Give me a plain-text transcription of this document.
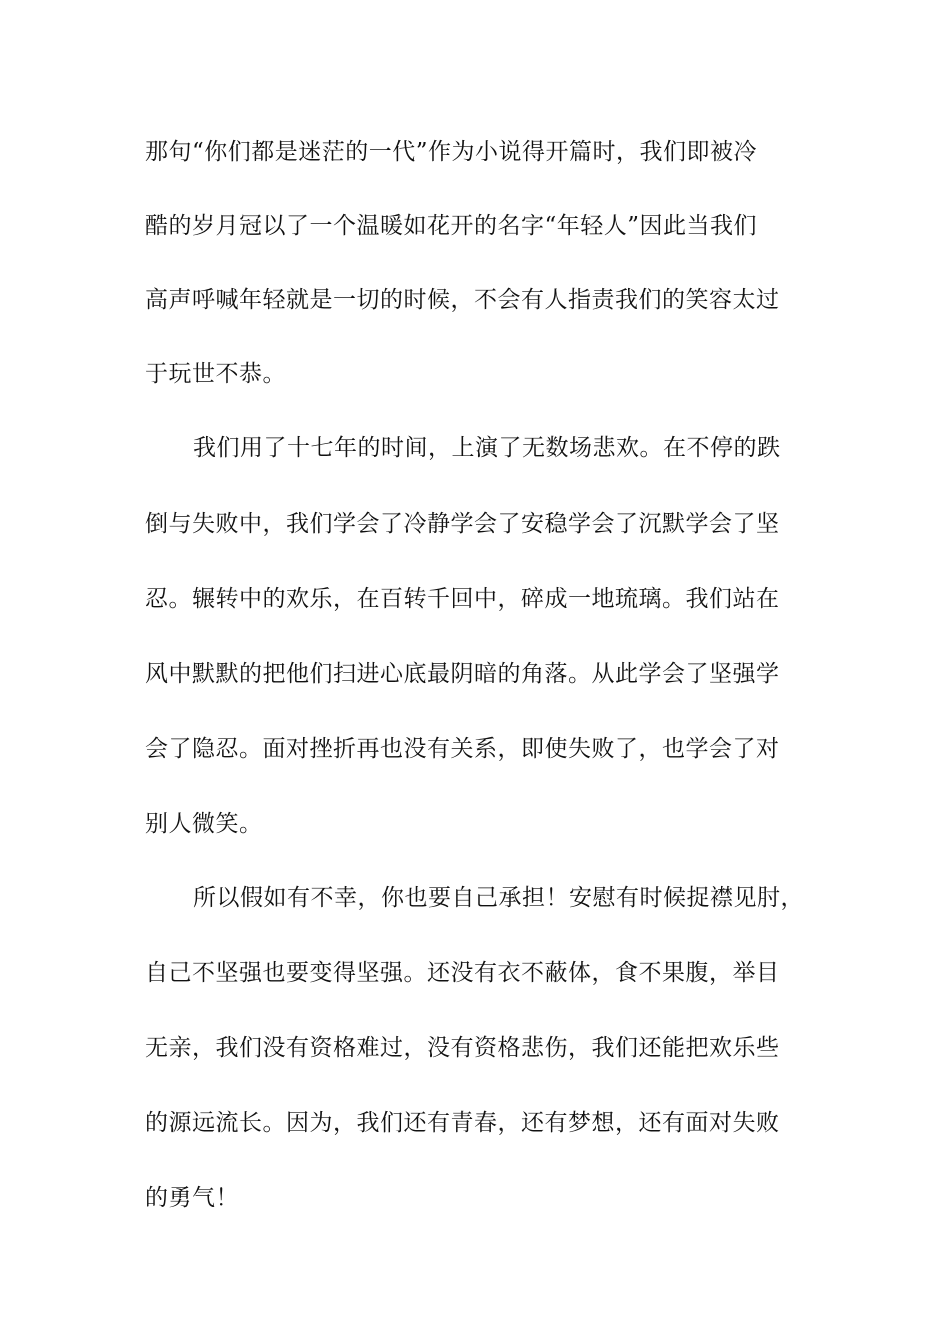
那句“你们都是迷茫的一代”作为小说得开篇时，我们即被冷
酷的岁月冠以了一个温暖如花开的名字“年轻人”因此当我们
高声呼喊年轻就是一切的时候，不会有人指责我们的笑容太过
于玩世不恭。
我们用了十七年的时间，上演了无数场悲欢。在不停的跌
倒与失败中，我们学会了冷静学会了安稳学会了沉默学会了坚
忍。辗转中的欢乐，在百转千回中，碎成一地琉璃。我们站在
风中默默的把他们扫进心底最阴暗的角落。从此学会了坚强学
会了隐忍。面对挫折再也没有关系，即使失败了，也学会了对
别人微笑。
所以假如有不幸，你也要自己承担！安慰有时候捉襟见肘，
自己不坚强也要变得坚强。还没有衣不蔽体，食不果腹，举目
无亲，我们没有资格难过，没有资格悲伤，我们还能把欢乐些
的源远流长。因为，我们还有青春，还有梦想，还有面对失败
的勇气！
